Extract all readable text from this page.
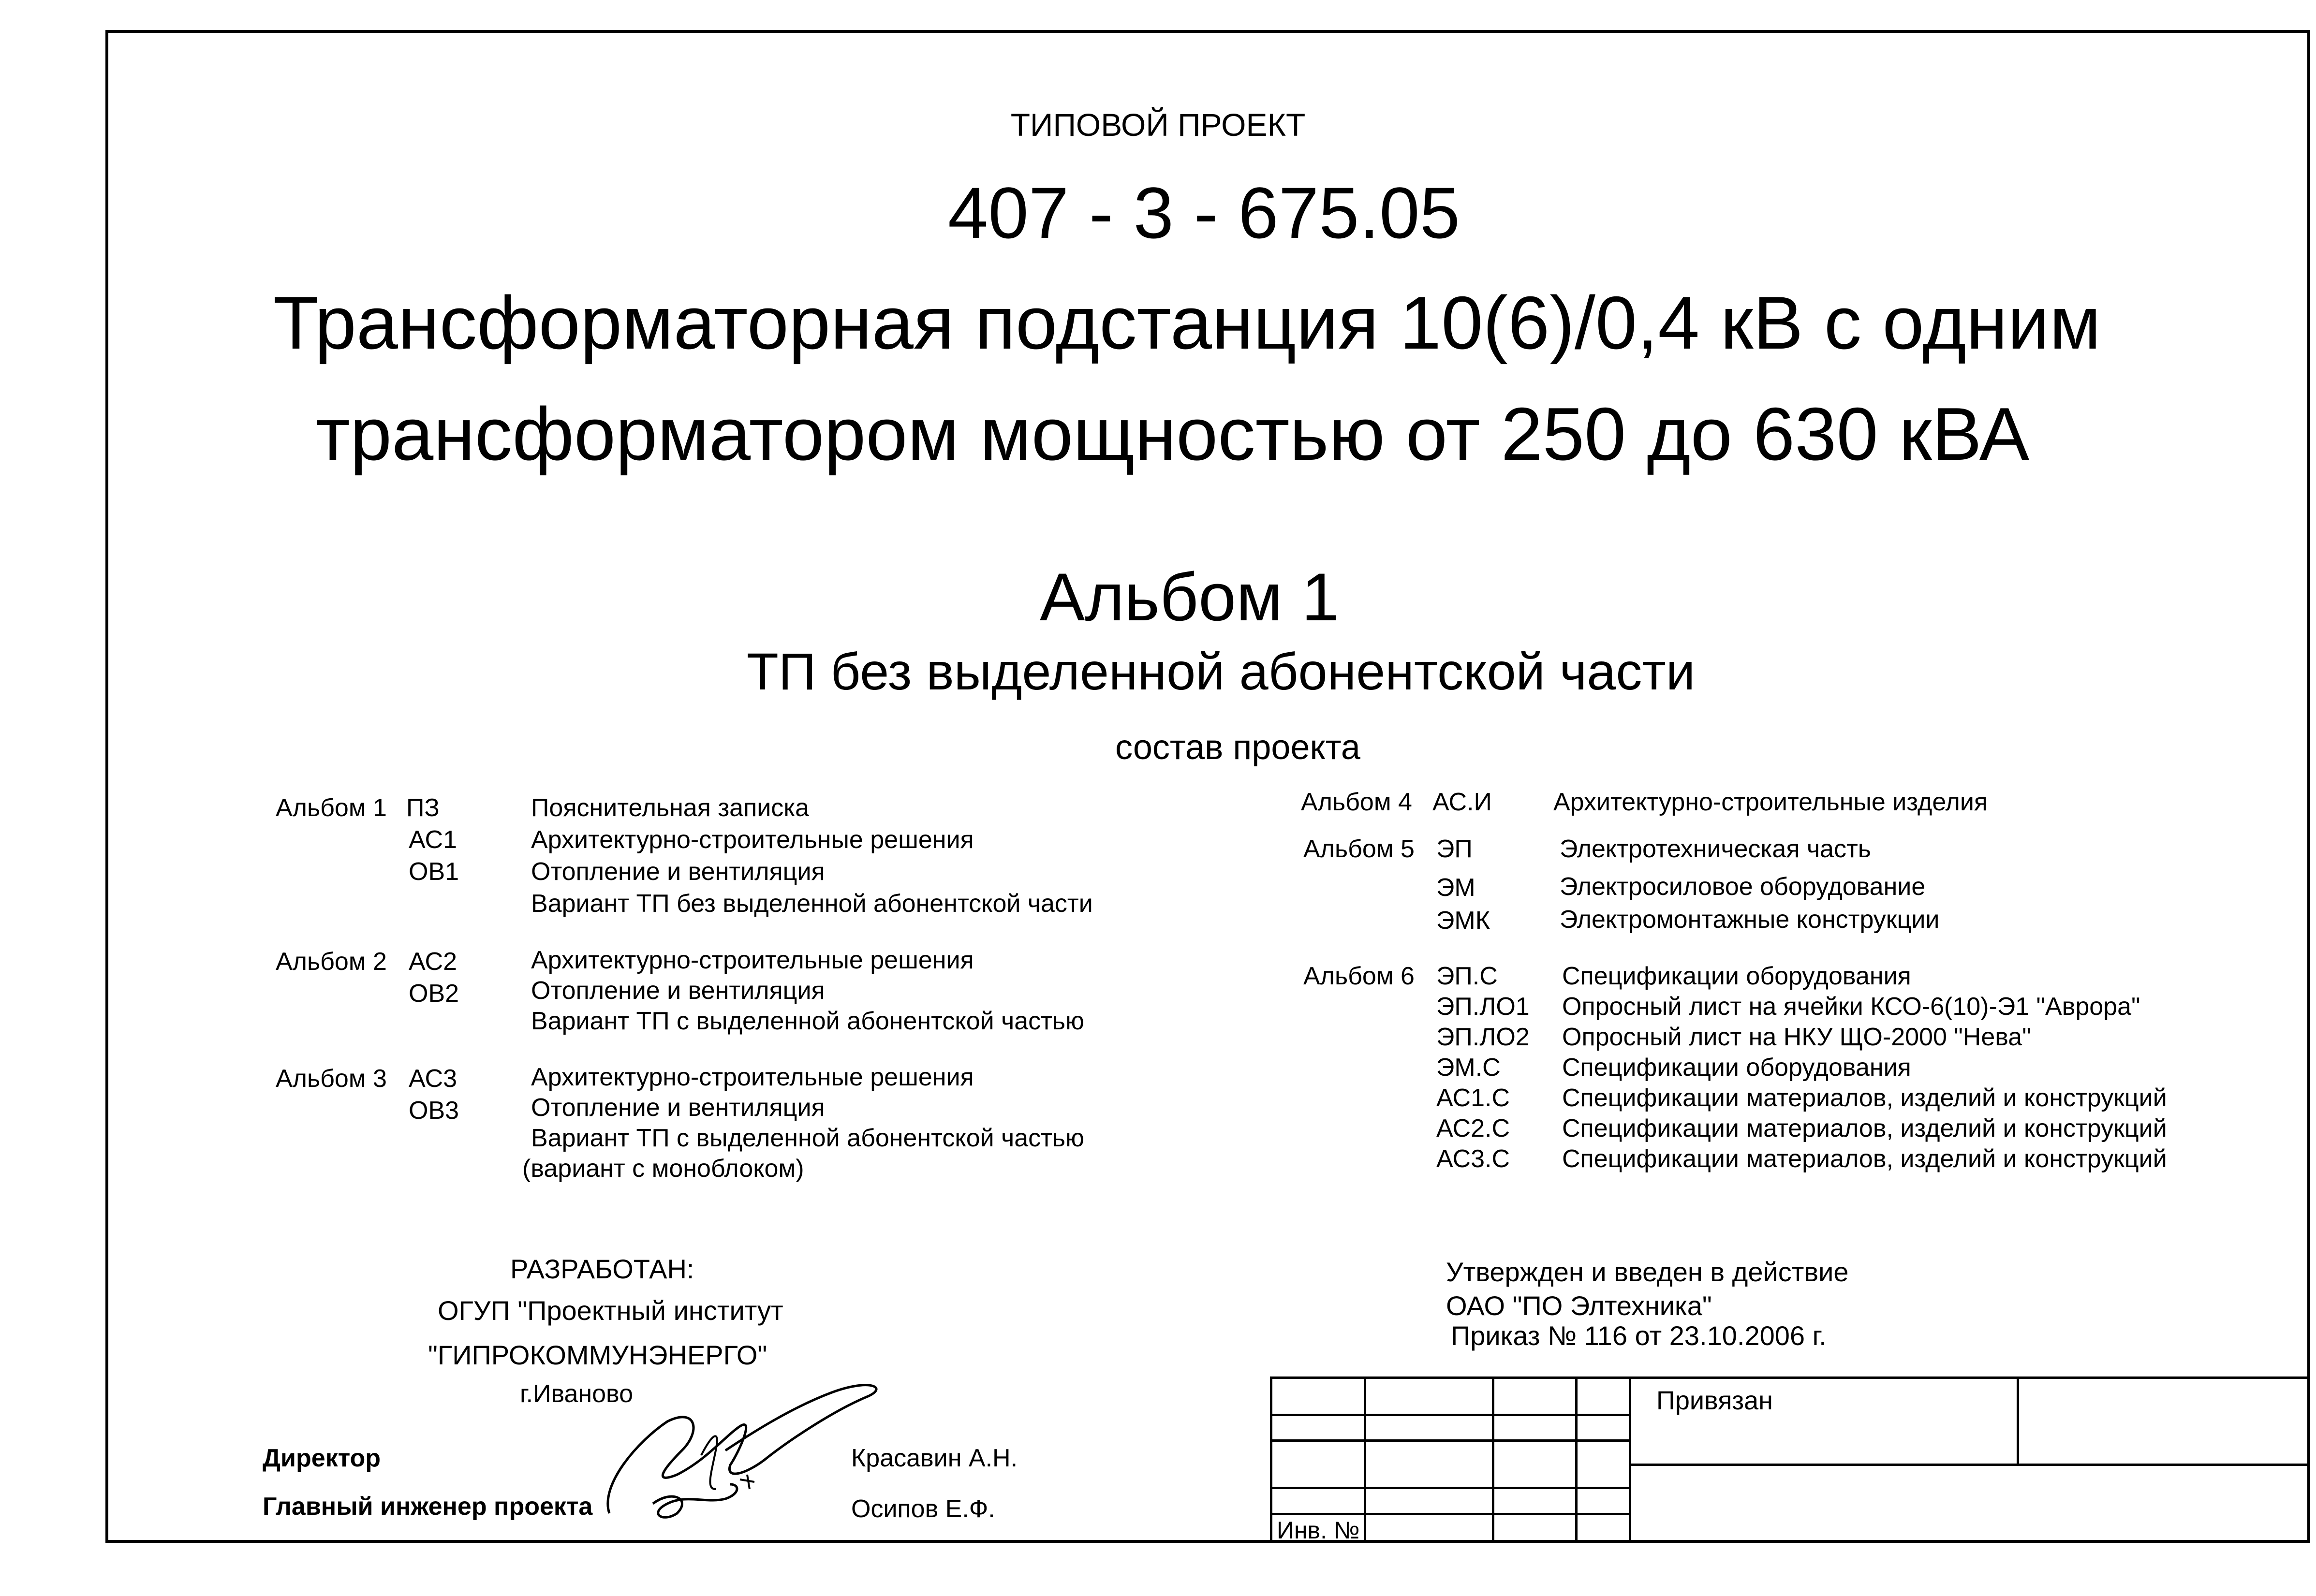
ТИПОВОЙ ПРОЕКТ
407 - 3 - 675.05
Трансформаторная подстанция 10(6)/0,4 кВ с одним
трансформатором мощностью от 250 до 630 кВА
Альбом 1
ТП без выделенной абонентской части
состав проекта
Альбом 1 ПЗ
АС1
ОВ1
Пояснительная записка
Архитектурно-строительные решения
Отопление и вентиляция
Вариант ТП без выделенной абонентской части
Альбом 2 АС2
ОВ2
Архитектурно-строительные решения
Отопление и вентиляция
Вариант ТП с выделенной абонентской частью
Альбом 3 АС3
ОВ3
Архитектурно-строительные решения
Отопление и вентиляция
Вариант ТП с выделенной абонентской частью
(вариант с моноблоком)
Альбом 4 АС.И Архитектурно-строительные изделия
Альбом 5 ЭП
ЭМ
ЭМК
Электротехническая часть
Электросиловое оборудование
Электромонтажные конструкции
Альбом 6 ЭП.С
ЭП.ЛО1
ЭП.ЛО2
ЭМ.С
АС1.С
АС2.С
АС3.С
Спецификации оборудования
Опросный лист на ячейки КСО-6(10)-Э1 "Аврора"
Опросный лист на НКУ ЩО-2000 "Нева"
Спецификации оборудования
Спецификации материалов, изделий и конструкций
Спецификации материалов, изделий и конструкций
Спецификации материалов, изделий и конструкций
РАЗРАБОТАН:
ОГУП "Проектный институт
"ГИПРОКОММУНЭНЕРГО"
г.Иваново
Директор	Красавин А.Н.
Главный инженер проекта	Осипов Е.Ф.
Утвержден и введен в действие
ОАО "ПО Элтехника"
Приказ № 116 от 23.10.2006 г.
Привязан
Инв. №
